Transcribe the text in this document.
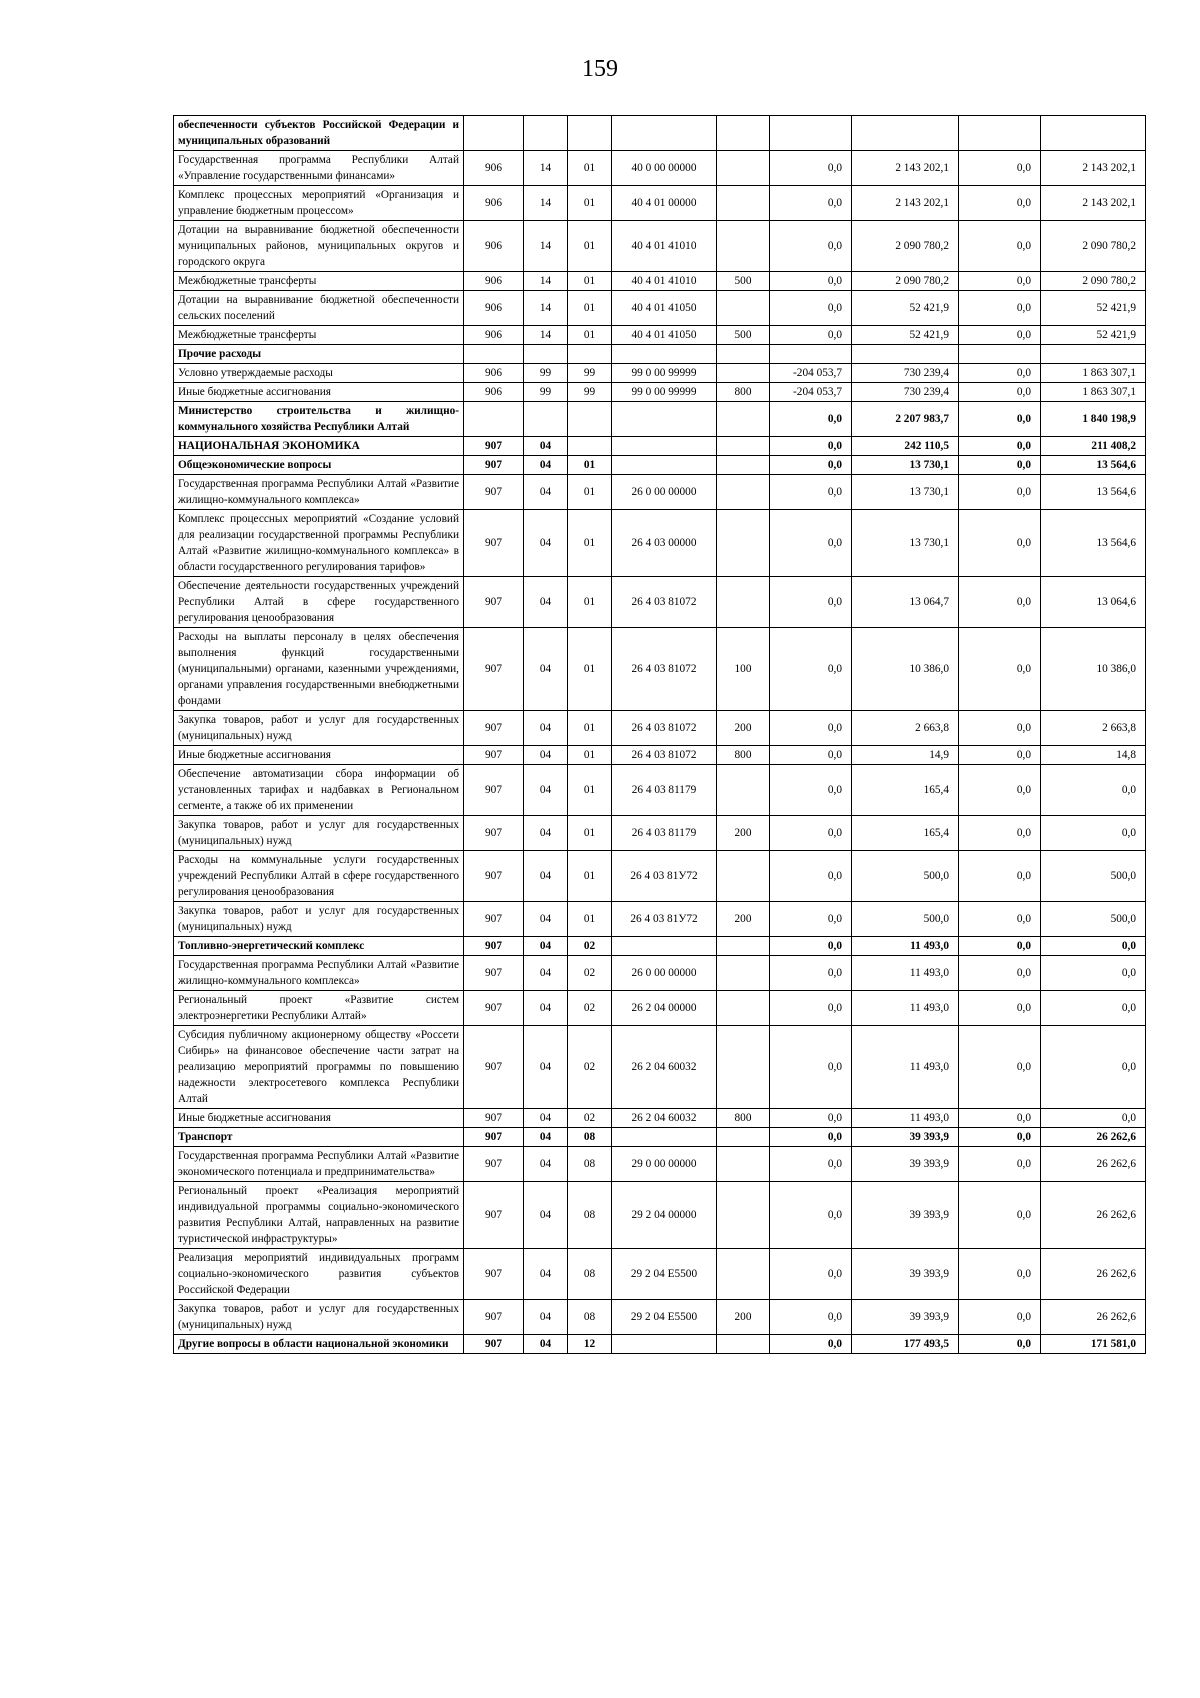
159
обеспеченности субъектов Российской Федерации и муниципальных образований									
Государственная программа Республики Алтай «Управление государственными финансами»	906	14	01	40 0 00 00000		0,0	2 143 202,1	0,0	2 143 202,1
Комплекс процессных мероприятий «Организация и управление бюджетным процессом»	906	14	01	40 4 01 00000		0,0	2 143 202,1	0,0	2 143 202,1
Дотации на выравнивание бюджетной обеспеченности муниципальных районов, муниципальных округов и городского округа	906	14	01	40 4 01 41010		0,0	2 090 780,2	0,0	2 090 780,2
Межбюджетные трансферты	906	14	01	40 4 01 41010	500	0,0	2 090 780,2	0,0	2 090 780,2
Дотации на выравнивание бюджетной обеспеченности сельских поселений	906	14	01	40 4 01 41050		0,0	52 421,9	0,0	52 421,9
Межбюджетные трансферты	906	14	01	40 4 01 41050	500	0,0	52 421,9	0,0	52 421,9
Прочие расходы									
Условно утверждаемые расходы	906	99	99	99 0 00 99999		-204 053,7	730 239,4	0,0	1 863 307,1
Иные бюджетные ассигнования	906	99	99	99 0 00 99999	800	-204 053,7	730 239,4	0,0	1 863 307,1
Министерство строительства и жилищно-коммунального хозяйства Республики Алтай						0,0	2 207 983,7	0,0	1 840 198,9
НАЦИОНАЛЬНАЯ ЭКОНОМИКА	907	04				0,0	242 110,5	0,0	211 408,2
Общеэкономические вопросы	907	04	01			0,0	13 730,1	0,0	13 564,6
Государственная программа Республики Алтай «Развитие жилищно-коммунального комплекса»	907	04	01	26 0 00 00000		0,0	13 730,1	0,0	13 564,6
Комплекс процессных мероприятий «Создание условий для реализации государственной программы Республики Алтай «Развитие жилищно-коммунального комплекса» в области государственного регулирования тарифов»	907	04	01	26 4 03 00000		0,0	13 730,1	0,0	13 564,6
Обеспечение деятельности государственных учреждений Республики Алтай в сфере государственного регулирования ценообразования	907	04	01	26 4 03 81072		0,0	13 064,7	0,0	13 064,6
Расходы на выплаты персоналу в целях обеспечения выполнения функций государственными (муниципальными) органами, казенными учреждениями, органами управления государственными внебюджетными фондами	907	04	01	26 4 03 81072	100	0,0	10 386,0	0,0	10 386,0
Закупка товаров, работ и услуг для государственных (муниципальных) нужд	907	04	01	26 4 03 81072	200	0,0	2 663,8	0,0	2 663,8
Иные бюджетные ассигнования	907	04	01	26 4 03 81072	800	0,0	14,9	0,0	14,8
Обеспечение автоматизации сбора информации об установленных тарифах и надбавках в Региональном сегменте, а также об их применении	907	04	01	26 4 03 81179		0,0	165,4	0,0	0,0
Закупка товаров, работ и услуг для государственных (муниципальных) нужд	907	04	01	26 4 03 81179	200	0,0	165,4	0,0	0,0
Расходы на коммунальные услуги государственных учреждений Республики Алтай в сфере государственного регулирования ценообразования	907	04	01	26 4 03 81У72		0,0	500,0	0,0	500,0
Закупка товаров, работ и услуг для государственных (муниципальных) нужд	907	04	01	26 4 03 81У72	200	0,0	500,0	0,0	500,0
Топливно-энергетический комплекс	907	04	02			0,0	11 493,0	0,0	0,0
Государственная программа Республики Алтай «Развитие жилищно-коммунального комплекса»	907	04	02	26 0 00 00000		0,0	11 493,0	0,0	0,0
Региональный проект «Развитие систем электроэнергетики Республики Алтай»	907	04	02	26 2 04 00000		0,0	11 493,0	0,0	0,0
Субсидия публичному акционерному обществу «Россети Сибирь» на финансовое обеспечение части затрат на реализацию мероприятий программы по повышению надежности электросетевого комплекса Республики Алтай	907	04	02	26 2 04 60032		0,0	11 493,0	0,0	0,0
Иные бюджетные ассигнования	907	04	02	26 2 04 60032	800	0,0	11 493,0	0,0	0,0
Транспорт	907	04	08			0,0	39 393,9	0,0	26 262,6
Государственная программа Республики Алтай «Развитие экономического потенциала и предпринимательства»	907	04	08	29 0 00 00000		0,0	39 393,9	0,0	26 262,6
Региональный проект «Реализация мероприятий индивидуальной программы социально-экономического развития Республики Алтай, направленных на развитие туристической инфраструктуры»	907	04	08	29 2 04 00000		0,0	39 393,9	0,0	26 262,6
Реализация мероприятий индивидуальных программ социально-экономического развития субъектов Российской Федерации	907	04	08	29 2 04 E5500		0,0	39 393,9	0,0	26 262,6
Закупка товаров, работ и услуг для государственных (муниципальных) нужд	907	04	08	29 2 04 E5500	200	0,0	39 393,9	0,0	26 262,6
Другие вопросы в области национальной экономики	907	04	12			0,0	177 493,5	0,0	171 581,0
